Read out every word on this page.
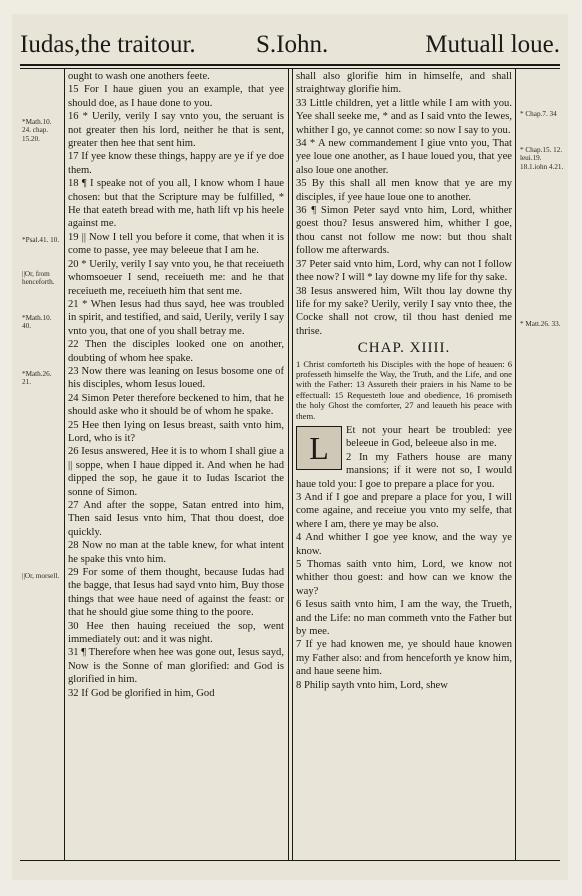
Iudas,the traitour. S.Iohn.	Mutuall loue.
*Math.10. 24. chap. 15.20.
*Psal.41. 10.
||Or, from henceforth.
*Math.10. 40.
*Math.26. 21.
||Or, morsell.
* Chap.7. 34
* Chap.15. 12. leui.19. 18.1.iohn 4.21.
* Matt.26. 33.

ought to wash one anothers feete.

15 For I haue giuen you an example, that yee should doe, as I haue done to you.

16 * Uerily, verily I say vnto you, the seruant is not greater then his lord, neither he that is sent, greater then hee that sent him.

17 If yee know these things, happy are ye if ye doe them.

18 ¶ I speake not of you all, I know whom I haue chosen: but that the Scripture may be fulfilled, * He that eateth bread with me, hath lift vp his heele against me.

19 || Now I tell you before it come, that when it is come to passe, yee may beleeue that I am he.

20 * Uerily, verily I say vnto you, he that receiueth whomsoeuer I send, receiueth me: and he that receiueth me, receiueth him that sent me.

21 * When Iesus had thus sayd, hee was troubled in spirit, and testified, and said, Uerily, verily I say vnto you, that one of you shall betray me.

22 Then the disciples looked one on another, doubting of whom hee spake.

23 Now there was leaning on Iesus bosome one of his disciples, whom Iesus loued.

24 Simon Peter therefore beckened to him, that he should aske who it should be of whom he spake.

25 Hee then lying on Iesus breast, saith vnto him, Lord, who is it?

26 Iesus answered, Hee it is to whom I shall giue a || soppe, when I haue dipped it. And when he had dipped the sop, he gaue it to Iudas Iscariot the sonne of Simon.

27 And after the soppe, Satan entred into him, Then said Iesus vnto him, That thou doest, doe quickly.

28 Now no man at the table knew, for what intent he spake this vnto him.

29 For some of them thought, because Iudas had the bagge, that Iesus had sayd vnto him, Buy those things that wee haue need of against the feast: or that he should giue some thing to the poore.

30 Hee then hauing receiued the sop, went immediately out: and it was night.

31 ¶ Therefore when hee was gone out, Iesus sayd, Now is the Sonne of man glorified: and God is glorified in him.

32 If God be glorified in him, God

shall also glorifie him in himselfe, and shall straightway glorifie him.

33 Little children, yet a little while I am with you. Yee shall seeke me, * and as I said vnto the Iewes, whither I go, ye cannot come: so now I say to you.

34 * A new commandement I giue vnto you, That yee loue one another, as I haue loued you, that yee also loue one another.

35 By this shall all men know that ye are my disciples, if yee haue loue one to another.

36 ¶ Simon Peter sayd vnto him, Lord, whither goest thou? Iesus answered him, whither I goe, thou canst not follow me now: but thou shalt follow me afterwards.

37 Peter said vnto him, Lord, why can not I follow thee now? I will * lay downe my life for thy sake.

38 Iesus answered him, Wilt thou lay downe thy life for my sake? Uerily, verily I say vnto thee, the Cocke shall not crow, til thou hast denied me thrise.

CHAP. XIIII.

1 Christ comforteth his Disciples with the hope of heauen: 6 professeth himselfe the Way, the Truth, and the Life, and one with the Father: 13 Assureth their praiers in his Name to be effectuall: 15 Requesteth loue and obedience, 16 promiseth the holy Ghost the comforter, 27 and leaueth his peace with them.

L	Et not your heart be troubled: yee beleeue in God, beleeue also in me.

2 In my Fathers house are many mansions; if it were not so, I would haue told you: I goe to prepare a place for you.

3 And if I goe and prepare a place for you, I will come againe, and receiue you vnto my selfe, that where I am, there ye may be also.

4 And whither I goe yee know, and the way ye know.

5 Thomas saith vnto him, Lord, we know not whither thou goest: and how can we know the way?

6 Iesus saith vnto him, I am the way, the Trueth, and the Life: no man commeth vnto the Father but by mee.

7 If ye had knowen me, ye should haue knowen my Father also: and from henceforth ye know him, and haue seene him.

8 Philip sayth vnto him, Lord, shew
